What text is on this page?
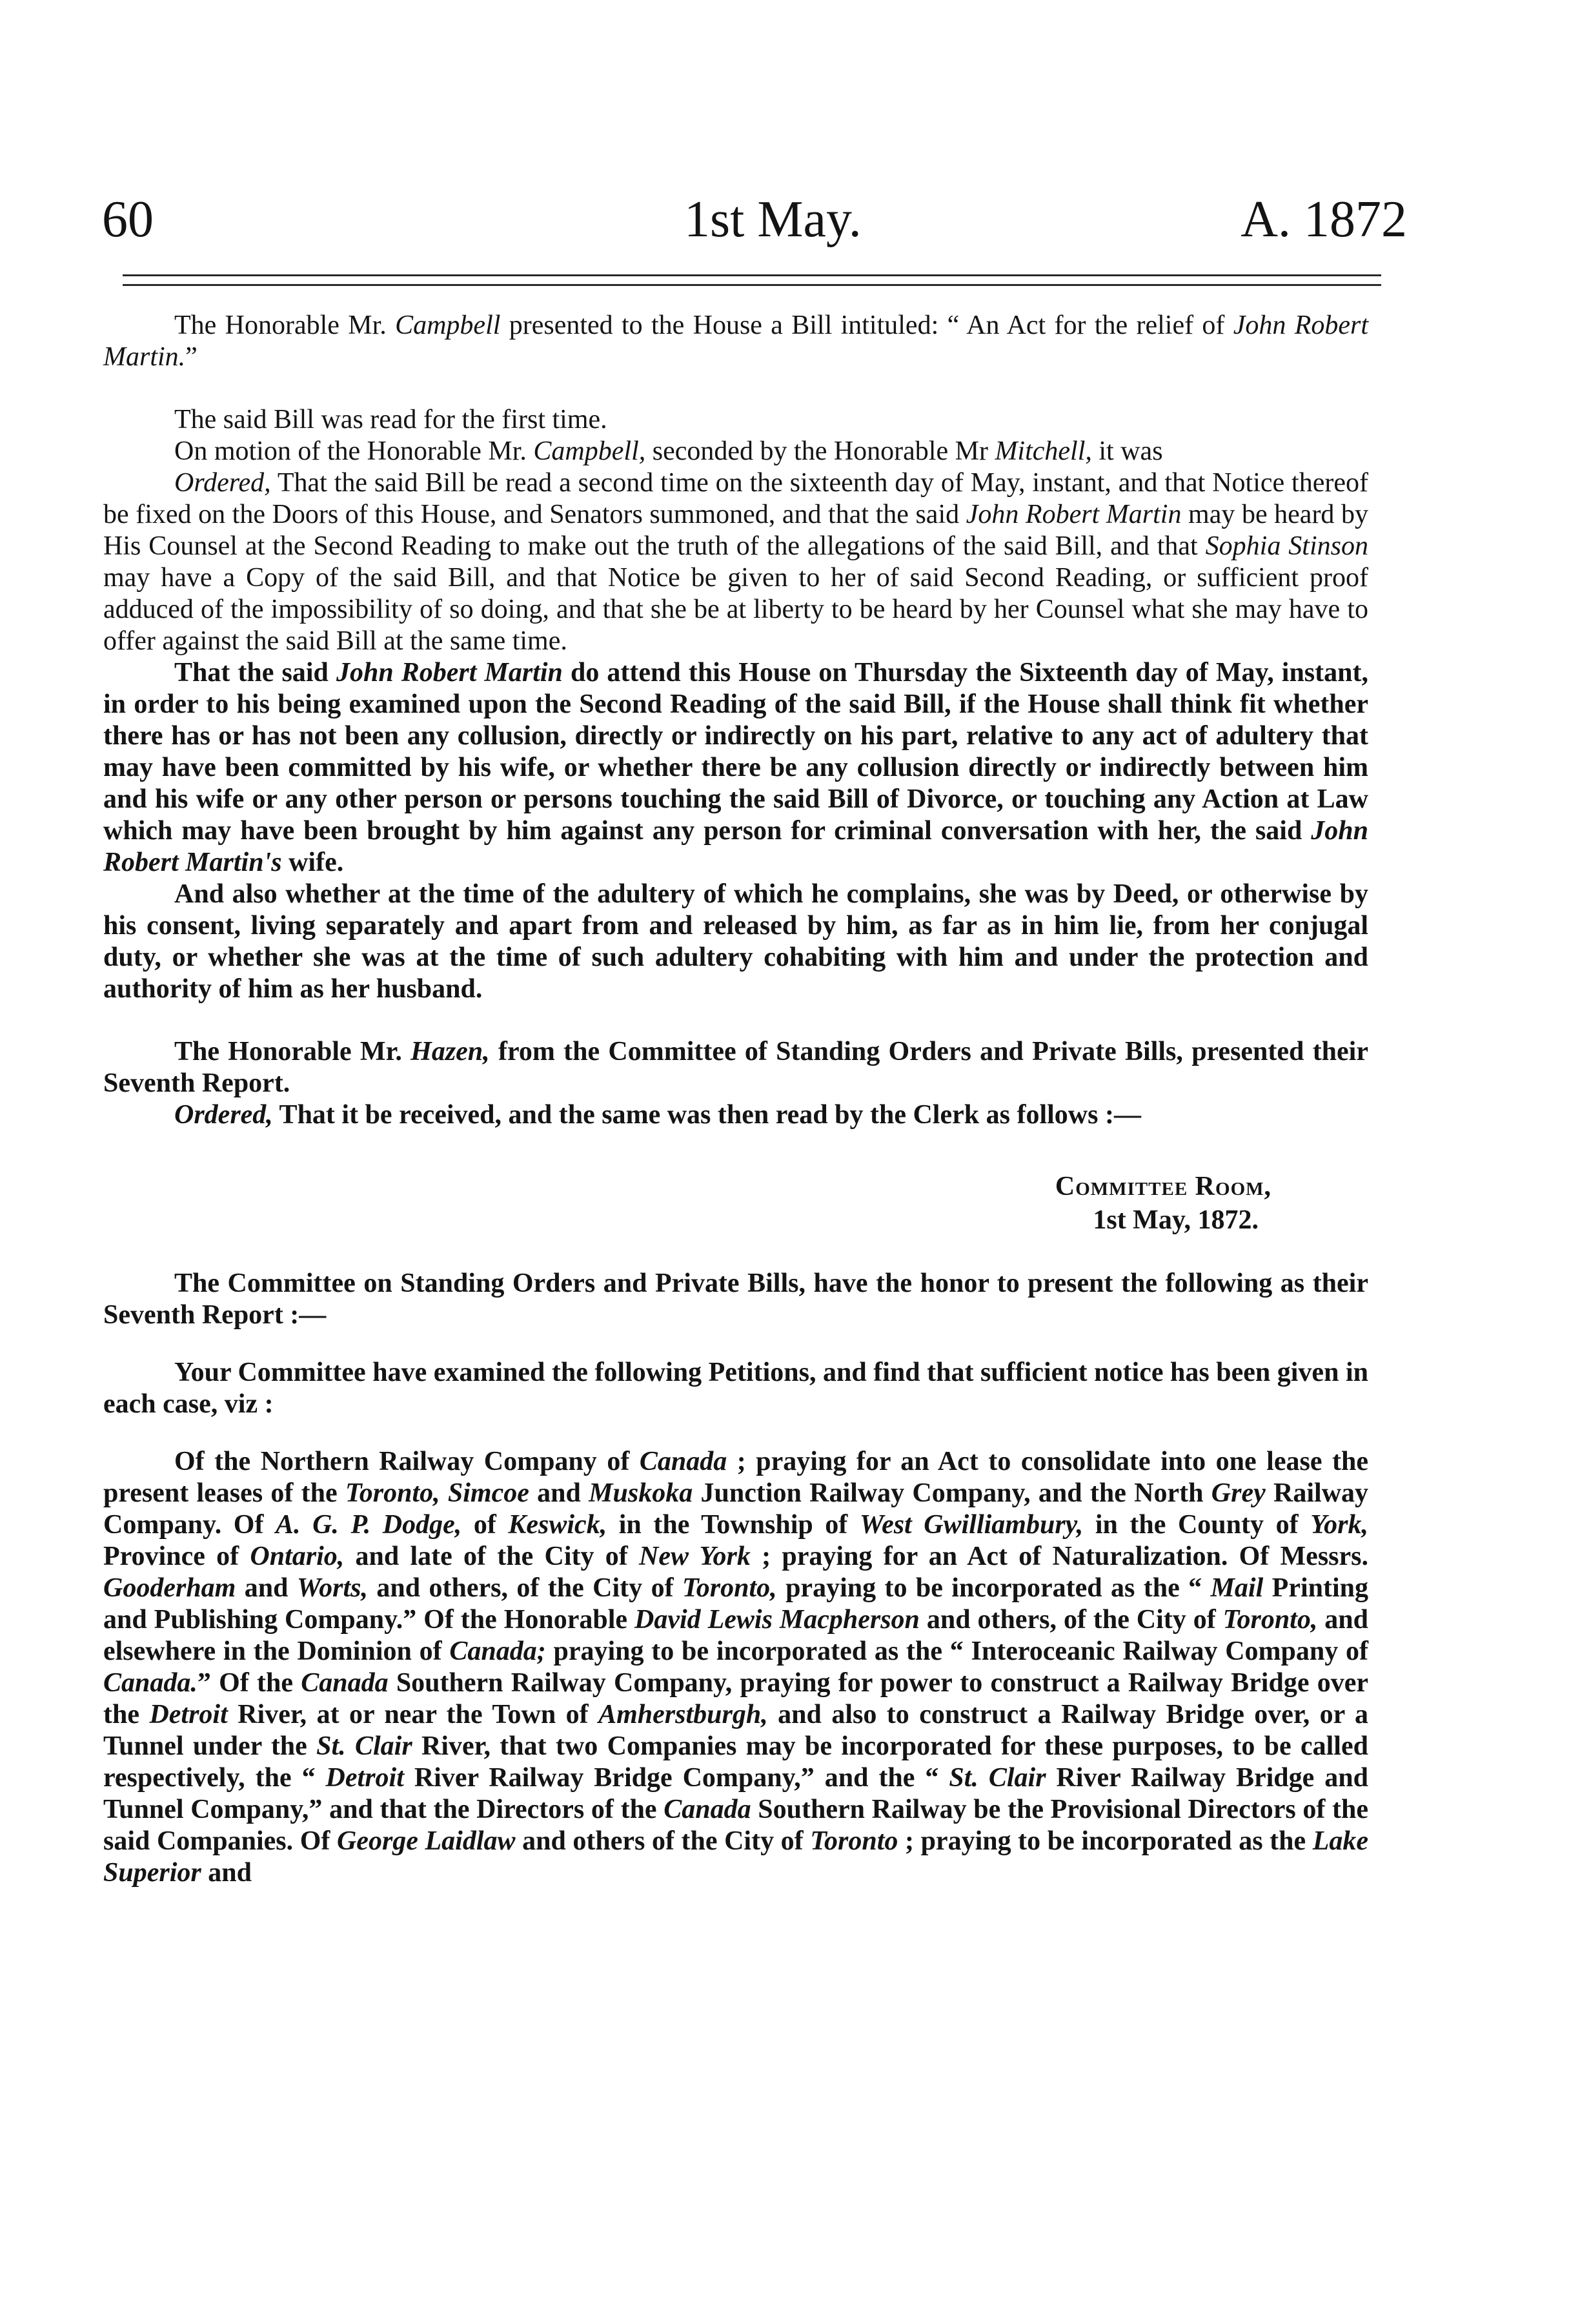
60	1st May.	A. 1872

The Honorable Mr. Campbell presented to the House a Bill intituled: “ An Act for the relief of John Robert Martin.”

The said Bill was read for the first time.

On motion of the Honorable Mr. Campbell, seconded by the Honorable Mr Mitchell, it was

Ordered, That the said Bill be read a second time on the sixteenth day of May, instant, and that Notice thereof be fixed on the Doors of this House, and Senators summoned, and that the said John Robert Martin may be heard by His Counsel at the Second Reading to make out the truth of the allegations of the said Bill, and that Sophia Stinson may have a Copy of the said Bill, and that Notice be given to her of said Second Reading, or sufficient proof adduced of the impossibility of so doing, and that she be at liberty to be heard by her Counsel what she may have to offer against the said Bill at the same time.

That the said John Robert Martin do attend this House on Thursday the Sixteenth day of May, instant, in order to his being examined upon the Second Reading of the said Bill, if the House shall think fit whether there has or has not been any collusion, directly or indirectly on his part, relative to any act of adultery that may have been committed by his wife, or whether there be any collusion directly or indirectly between him and his wife or any other person or persons touching the said Bill of Divorce, or touching any Action at Law which may have been brought by him against any person for criminal conversation with her, the said John Robert Martin's wife.

And also whether at the time of the adultery of which he complains, she was by Deed, or otherwise by his consent, living separately and apart from and released by him, as far as in him lie, from her conjugal duty, or whether she was at the time of such adultery cohabiting with him and under the protection and authority of him as her husband.

The Honorable Mr. Hazen, from the Committee of Standing Orders and Private Bills, presented their Seventh Report.

Ordered, That it be received, and the same was then read by the Clerk as follows :—

Committee Room,
1st May, 1872.

The Committee on Standing Orders and Private Bills, have the honor to present the following as their Seventh Report :—

Your Committee have examined the following Petitions, and find that sufficient notice has been given in each case, viz :

Of the Northern Railway Company of Canada ; praying for an Act to consolidate into one lease the present leases of the Toronto, Simcoe and Muskoka Junction Railway Company, and the North Grey Railway Company. Of A. G. P. Dodge, of Keswick, in the Township of West Gwilliambury, in the County of York, Province of Ontario, and late of the City of New York ; praying for an Act of Naturalization. Of Messrs. Gooderham and Worts, and others, of the City of Toronto, praying to be incorporated as the “ Mail Printing and Publishing Company.” Of the Honorable David Lewis Macpherson and others, of the City of Toronto, and elsewhere in the Dominion of Canada; praying to be incorporated as the “ Interoceanic Railway Company of Canada.” Of the Canada Southern Railway Company, praying for power to construct a Railway Bridge over the Detroit River, at or near the Town of Amherstburgh, and also to construct a Railway Bridge over, or a Tunnel under the St. Clair River, that two Companies may be incorporated for these purposes, to be called respectively, the “ Detroit River Railway Bridge Company,” and the “ St. Clair River Railway Bridge and Tunnel Company,” and that the Directors of the Canada Southern Railway be the Provisional Directors of the said Companies. Of George Laidlaw and others of the City of Toronto ; praying to be incorporated as the Lake Superior and
